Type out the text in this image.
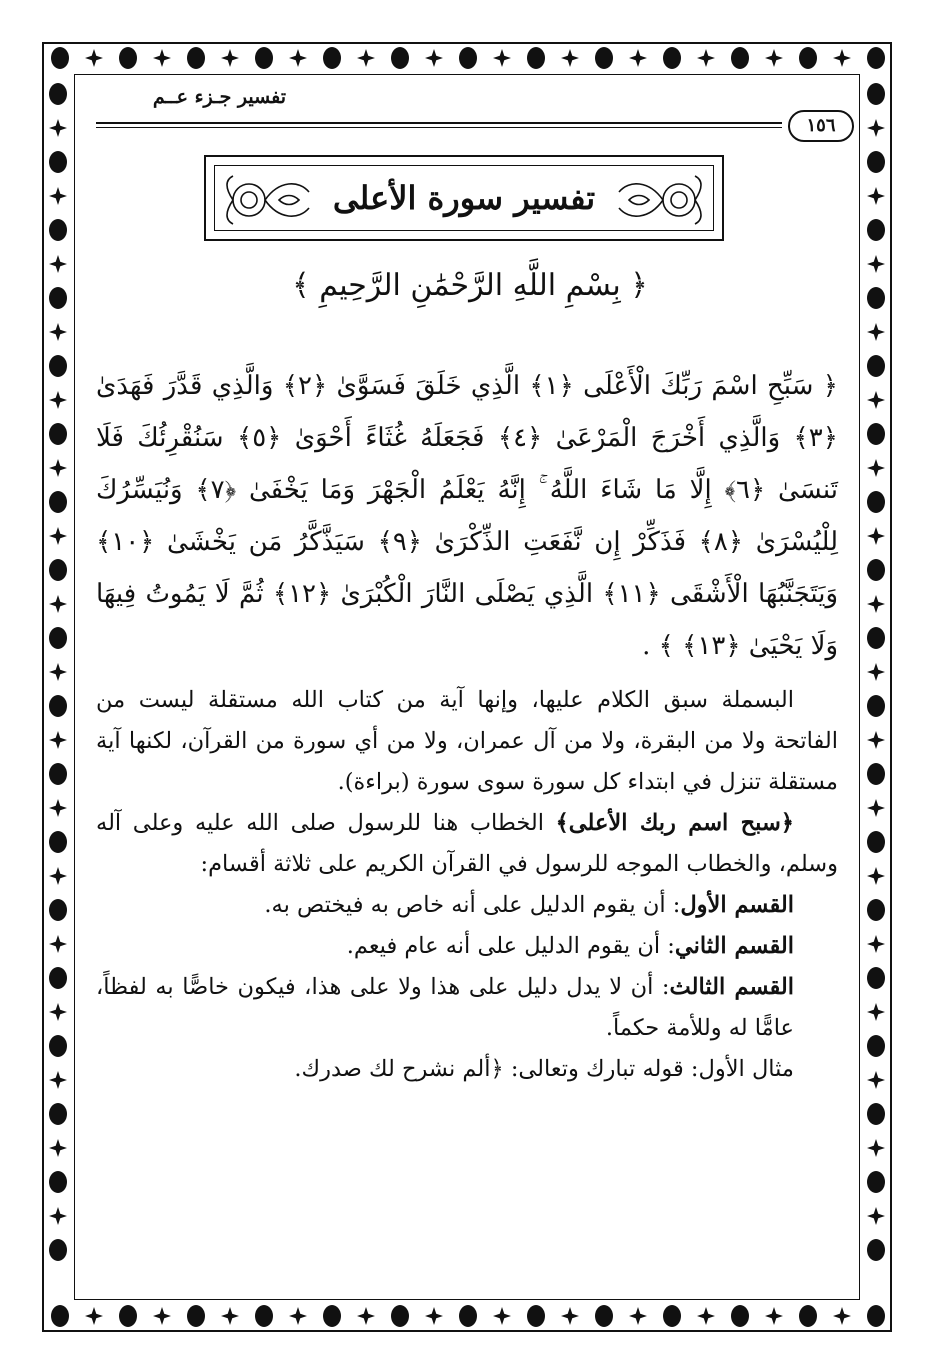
تفسير جـزء عــم
١٥٦
تفسير سورة الأعلى
﴿ بِسْمِ اللَّهِ الرَّحْمَٰنِ الرَّحِيمِ ﴾
﴿ سَبِّحِ اسْمَ رَبِّكَ الْأَعْلَى ﴿١﴾ الَّذِي خَلَقَ فَسَوَّىٰ ﴿٢﴾ وَالَّذِي قَدَّرَ فَهَدَىٰ ﴿٣﴾ وَالَّذِي أَخْرَجَ الْمَرْعَىٰ ﴿٤﴾ فَجَعَلَهُ غُثَاءً أَحْوَىٰ ﴿٥﴾ سَنُقْرِئُكَ فَلَا تَنسَىٰ ﴿٦﴾ إِلَّا مَا شَاءَ اللَّهُ ۚ إِنَّهُ يَعْلَمُ الْجَهْرَ وَمَا يَخْفَىٰ ﴿٧﴾ وَنُيَسِّرُكَ لِلْيُسْرَىٰ ﴿٨﴾ فَذَكِّرْ إِن نَّفَعَتِ الذِّكْرَىٰ ﴿٩﴾ سَيَذَّكَّرُ مَن يَخْشَىٰ ﴿١٠﴾ وَيَتَجَنَّبُهَا الْأَشْقَى ﴿١١﴾ الَّذِي يَصْلَى النَّارَ الْكُبْرَىٰ ﴿١٢﴾ ثُمَّ لَا يَمُوتُ فِيهَا وَلَا يَحْيَىٰ ﴿١٣﴾ ﴾ .

البسملة سبق الكلام عليها، وإنها آية من كتاب الله مستقلة ليست من الفاتحة ولا من البقرة، ولا من آل عمران، ولا من أي سورة من القرآن، لكنها آية مستقلة تنزل في ابتداء كل سورة سوى سورة (براءة).

﴿سبح اسم ربك الأعلى﴾ الخطاب هنا للرسول صلى الله عليه وعلى آله وسلم، والخطاب الموجه للرسول في القرآن الكريم على ثلاثة أقسام:

القسم الأول: أن يقوم الدليل على أنه خاص به فيختص به.

القسم الثاني: أن يقوم الدليل على أنه عام فيعم.

القسم الثالث: أن لا يدل دليل على هذا ولا على هذا، فيكون خاصًّا به لفظاً، عامًّا له وللأمة حكماً.

مثال الأول: قوله تبارك وتعالى: ﴿ألم نشرح لك صدرك.
